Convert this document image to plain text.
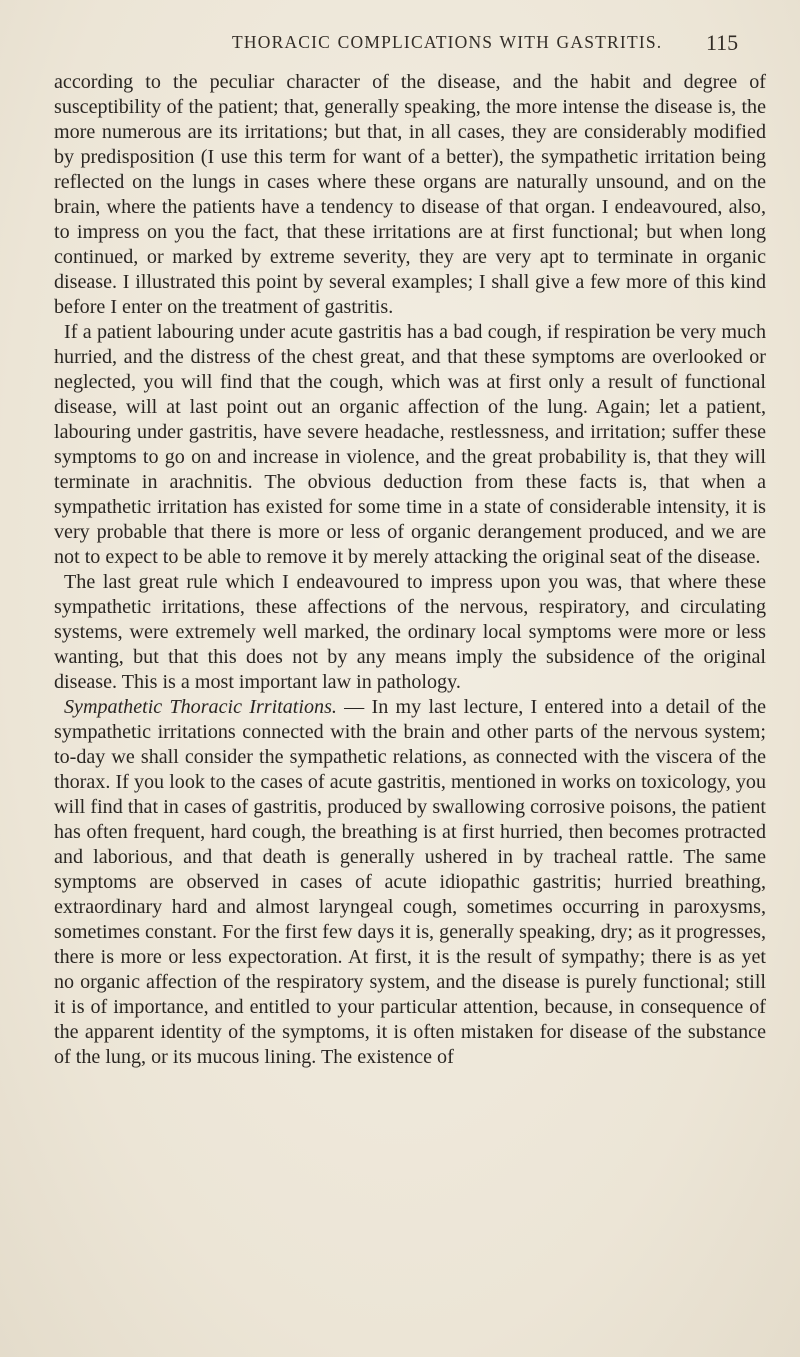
THORACIC COMPLICATIONS WITH GASTRITIS. 115

according to the peculiar character of the disease, and the habit and degree of susceptibility of the patient; that, generally speaking, the more intense the disease is, the more numerous are its irritations; but that, in all cases, they are considerably modified by predisposition (I use this term for want of a better), the sympathetic irritation being reflected on the lungs in cases where these organs are naturally unsound, and on the brain, where the patients have a tendency to disease of that organ. I endeavoured, also, to impress on you the fact, that these irritations are at first functional; but when long continued, or marked by extreme severity, they are very apt to terminate in organic disease. I illustrated this point by several examples; I shall give a few more of this kind before I enter on the treatment of gastritis.

If a patient labouring under acute gastritis has a bad cough, if respiration be very much hurried, and the distress of the chest great, and that these symptoms are overlooked or neglected, you will find that the cough, which was at first only a result of functional disease, will at last point out an organic affection of the lung. Again; let a patient, labouring under gastritis, have severe headache, restlessness, and irritation; suffer these symptoms to go on and increase in violence, and the great probability is, that they will terminate in arachnitis. The obvious deduction from these facts is, that when a sympathetic irritation has existed for some time in a state of considerable intensity, it is very probable that there is more or less of organic derangement produced, and we are not to expect to be able to remove it by merely attacking the original seat of the disease.

The last great rule which I endeavoured to impress upon you was, that where these sympathetic irritations, these affections of the nervous, respiratory, and circulating systems, were extremely well marked, the ordinary local symptoms were more or less wanting, but that this does not by any means imply the subsidence of the original disease. This is a most important law in pathology.

Sympathetic Thoracic Irritations. — In my last lecture, I entered into a detail of the sympathetic irritations connected with the brain and other parts of the nervous system; to-day we shall consider the sympathetic relations, as connected with the viscera of the thorax. If you look to the cases of acute gastritis, mentioned in works on toxicology, you will find that in cases of gastritis, produced by swallowing corrosive poisons, the patient has often frequent, hard cough, the breathing is at first hurried, then becomes protracted and laborious, and that death is generally ushered in by tracheal rattle. The same symptoms are observed in cases of acute idiopathic gastritis; hurried breathing, extraordinary hard and almost laryngeal cough, sometimes occurring in paroxysms, sometimes constant. For the first few days it is, generally speaking, dry; as it progresses, there is more or less expectoration. At first, it is the result of sympathy; there is as yet no organic affection of the respiratory system, and the disease is purely functional; still it is of importance, and entitled to your particular attention, because, in consequence of the apparent identity of the symptoms, it is often mistaken for disease of the substance of the lung, or its mucous lining. The existence of
